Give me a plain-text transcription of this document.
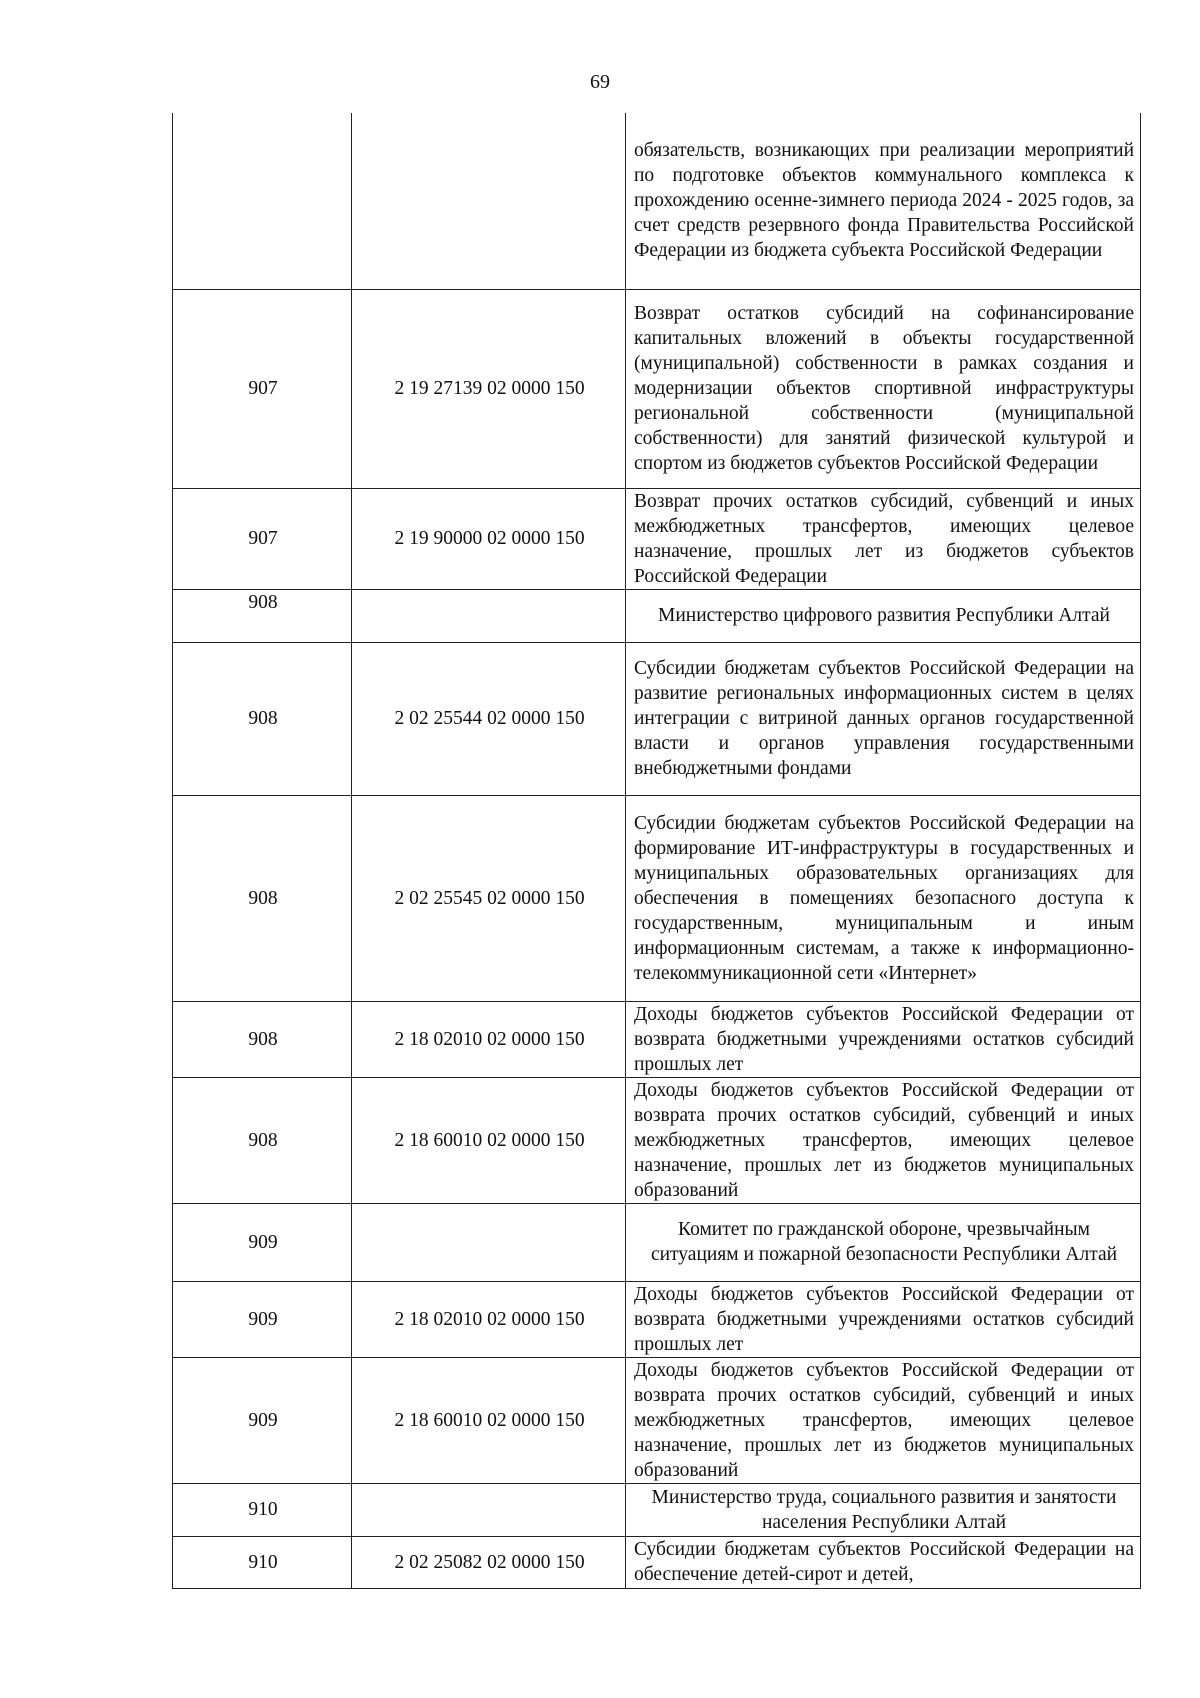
69
		обязательств, возникающих при реализации мероприятий по подготовке объектов коммунального комплекса к прохождению осенне-зимнего периода 2024 - 2025 годов, за счет средств резервного фонда Правительства Российской Федерации из бюджета субъекта Российской Федерации
907	2 19 27139 02 0000 150	Возврат остатков субсидий на софинансирование капитальных вложений в объекты государственной (муниципальной) собственности в рамках создания и модернизации объектов спортивной инфраструктуры региональной собственности (муниципальной собственности) для занятий физической культурой и спортом из бюджетов субъектов Российской Федерации
907	2 19 90000 02 0000 150	Возврат прочих остатков субсидий, субвенций и иных межбюджетных трансфертов, имеющих целевое назначение, прошлых лет из бюджетов субъектов Российской Федерации
908		Министерство цифрового развития Республики Алтай
908	2 02 25544 02 0000 150	Субсидии бюджетам субъектов Российской Федерации на развитие региональных информационных систем в целях интеграции с витриной данных органов государственной власти и органов управления государственными внебюджетными фондами
908	2 02 25545 02 0000 150	Субсидии бюджетам субъектов Российской Федерации на формирование ИТ-инфраструктуры в государственных и муниципальных образовательных организациях для обеспечения в помещениях безопасного доступа к государственным, муниципальным и иным информационным системам, а также к информационно-телекоммуникационной сети «Интернет»
908	2 18 02010 02 0000 150	Доходы бюджетов субъектов Российской Федерации от возврата бюджетными учреждениями остатков субсидий прошлых лет
908	2 18 60010 02 0000 150	Доходы бюджетов субъектов Российской Федерации от возврата прочих остатков субсидий, субвенций и иных межбюджетных трансфертов, имеющих целевое назначение, прошлых лет из бюджетов муниципальных образований
909		Комитет по гражданской обороне, чрезвычайным ситуациям и пожарной безопасности Республики Алтай
909	2 18 02010 02 0000 150	Доходы бюджетов субъектов Российской Федерации от возврата бюджетными учреждениями остатков субсидий прошлых лет
909	2 18 60010 02 0000 150	Доходы бюджетов субъектов Российской Федерации от возврата прочих остатков субсидий, субвенций и иных межбюджетных трансфертов, имеющих целевое назначение, прошлых лет из бюджетов муниципальных образований
910		Министерство труда, социального развития и занятости населения Республики Алтай
910	2 02 25082 02 0000 150	Субсидии бюджетам субъектов Российской Федерации на обеспечение детей-сирот и детей,
